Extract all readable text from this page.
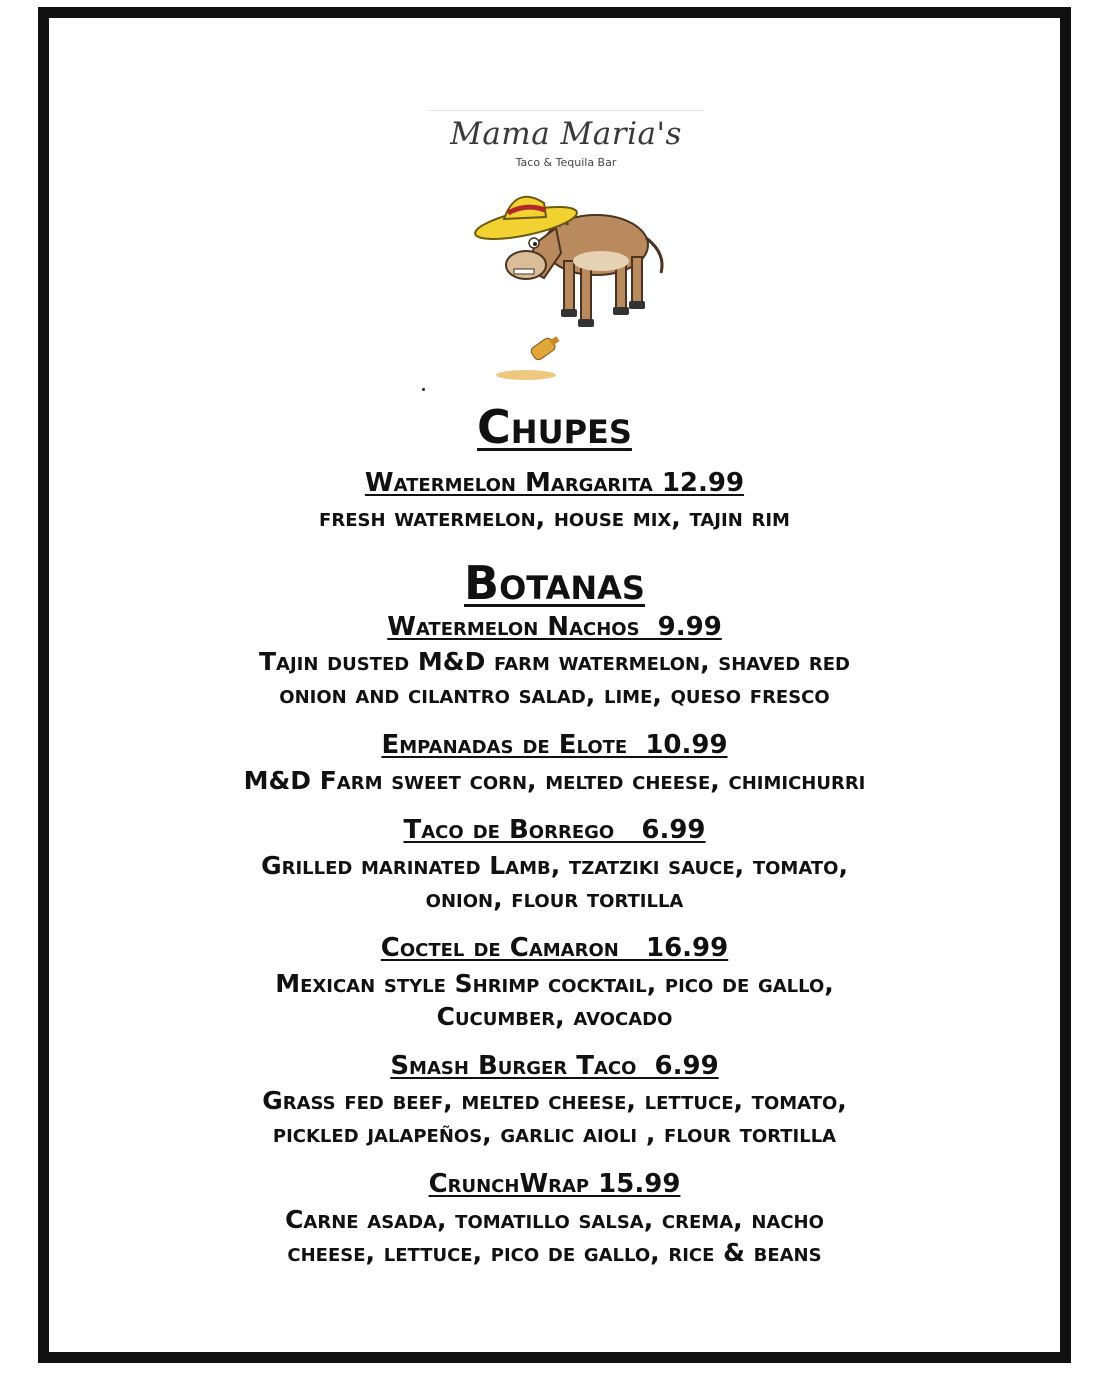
Mama Maria's
Taco & Tequila Bar
Chupes
Watermelon Margarita 12.99
fresh watermelon, house mix, tajin rim
Botanas
Watermelon Nachos  9.99
Tajin dusted M&D farm watermelon, shaved red
onion and cilantro salad, lime, queso fresco
Empanadas de Elote  10.99
M&D Farm sweet corn, melted cheese, chimichurri
Taco de Borrego   6.99
Grilled marinated Lamb, tzatziki sauce, tomato,
onion, flour tortilla
Coctel de Camaron   16.99
Mexican style Shrimp cocktail, pico de gallo,
Cucumber, avocado
Smash Burger Taco  6.99
Grass fed beef, melted cheese, lettuce, tomato,
pickled jalapeños, garlic aioli , flour tortilla
CrunchWrap 15.99
Carne asada, tomatillo salsa, crema, nacho
cheese, lettuce, pico de gallo, rice & beans
